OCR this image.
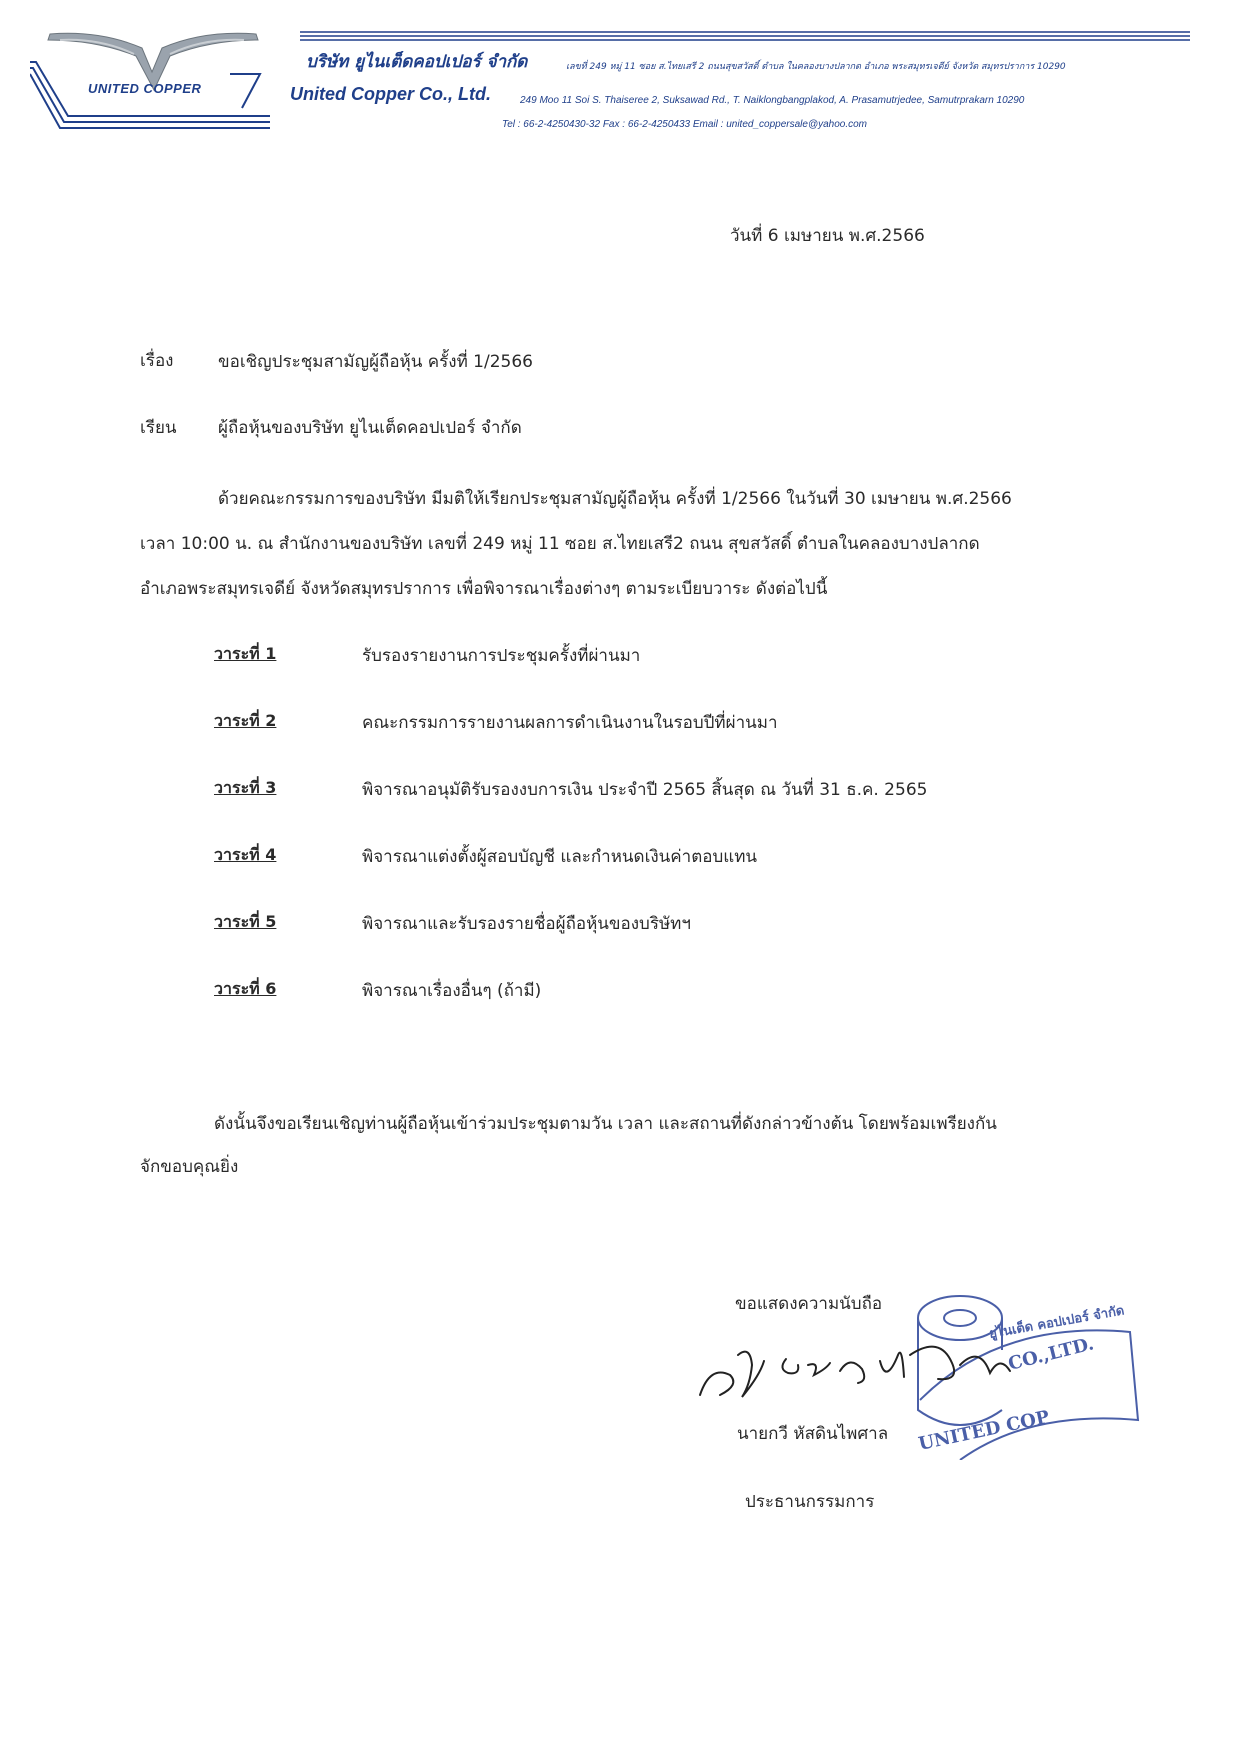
UNITED COPPER
บริษัท ยูไนเต็ดคอปเปอร์ จำกัด	เลขที่ 249 หมู่ 11 ซอย ส.ไทยเสรี 2 ถนนสุขสวัสดิ์ ตำบล ในคลองบางปลากด อำเภอ พระสมุทรเจดีย์ จังหวัด สมุทรปราการ 10290
United Copper Co., Ltd.	249 Moo 11 Soi S. Thaiseree 2, Suksawad Rd., T. Naiklongbangplakod, A. Prasamutrjedee, Samutrprakarn 10290
Tel : 66-2-4250430-32 Fax : 66-2-4250433 Email : united_coppersale@yahoo.com
วันที่ 6 เมษายน พ.ศ.2566
เรื่อง	ขอเชิญประชุมสามัญผู้ถือหุ้น ครั้งที่ 1/2566
เรียน ผู้ถือหุ้นของบริษัท ยูไนเต็ดคอปเปอร์ จำกัด
ด้วยคณะกรรมการของบริษัท มีมติให้เรียกประชุมสามัญผู้ถือหุ้น ครั้งที่ 1/2566 ในวันที่ 30 เมษายน พ.ศ.2566
เวลา 10:00 น. ณ สำนักงานของบริษัท เลขที่ 249 หมู่ 11 ซอย ส.ไทยเสรี2 ถนน สุขสวัสดิ์ ตำบลในคลองบางปลากด
อำเภอพระสมุทรเจดีย์ จังหวัดสมุทรปราการ เพื่อพิจารณาเรื่องต่างๆ ตามระเบียบวาระ ดังต่อไปนี้
วาระที่ 1	รับรองรายงานการประชุมครั้งที่ผ่านมา
วาระที่ 2	คณะกรรมการรายงานผลการดำเนินงานในรอบปีที่ผ่านมา
วาระที่ 3	พิจารณาอนุมัติรับรองงบการเงิน ประจำปี 2565 สิ้นสุด ณ วันที่ 31 ธ.ค. 2565
วาระที่ 4	พิจารณาแต่งตั้งผู้สอบบัญชี และกำหนดเงินค่าตอบแทน
วาระที่ 5	พิจารณาและรับรองรายชื่อผู้ถือหุ้นของบริษัทฯ
วาระที่ 6	พิจารณาเรื่องอื่นๆ (ถ้ามี)
ดังนั้นจึงขอเรียนเชิญท่านผู้ถือหุ้นเข้าร่วมประชุมตามวัน เวลา และสถานที่ดังกล่าวข้างต้น โดยพร้อมเพรียงกัน
จักขอบคุณยิ่ง
ขอแสดงความนับถือ
CO.,LTD.
UNITED COP
ยูไนเต็ด คอปเปอร์ จำกัด
นายกวี หัสดินไพศาล
ประธานกรรมการ
